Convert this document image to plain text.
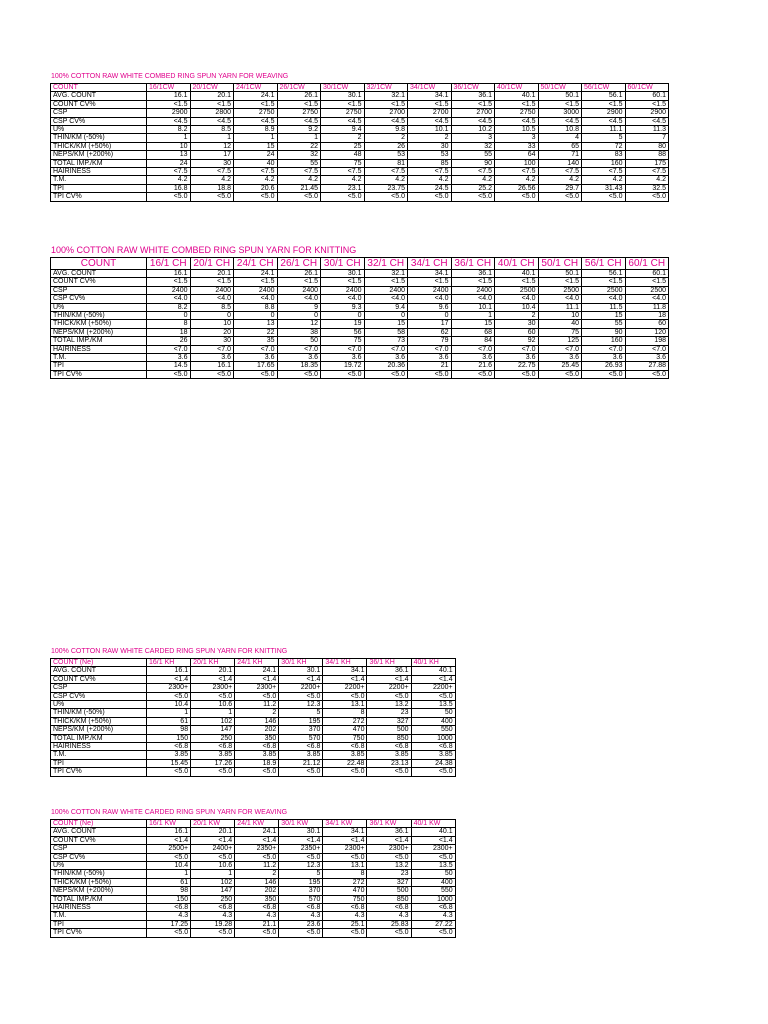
100% COTTON RAW WHITE COMBED RING SPUN YARN FOR WEAVING
COUNT	16/1CW	20/1CW	24/1CW	26/1CW	30/1CW	32/1CW	34/1CW	36/1CW	40/1CW	50/1CW	56/1CW	60/1CW
AVG. COUNT	16.1	20.1	24.1	26.1	30.1	32.1	34.1	36.1	40.1	50.1	56.1	60.1
COUNT CV%	<1.5	<1.5	<1.5	<1.5	<1.5	<1.5	<1.5	<1.5	<1.5	<1.5	<1.5	<1.5
CSP	2900	2800	2750	2750	2750	2700	2700	2700	2750	3000	2900	2900
CSP CV%	<4.5	<4.5	<4.5	<4.5	<4.5	<4.5	<4.5	<4.5	<4.5	<4.5	<4.5	<4.5
U%	8.2	8.5	8.9	9.2	9.4	9.8	10.1	10.2	10.5	10.8	11.1	11.3
THIN/KM (-50%)	1	1	1	1	2	2	2	3	3	4	5	7
THICK/KM (+50%)	10	12	15	22	25	26	30	32	33	65	72	80
NEPS/KM (+200%)	13	17	24	32	48	53	53	55	64	71	83	88
TOTAL IMP./KM	24	30	40	55	75	81	85	90	100	140	160	175
HAIRINESS	<7.5	<7.5	<7.5	<7.5	<7.5	<7.5	<7.5	<7.5	<7.5	<7.5	<7.5	<7.5
T.M.	4.2	4.2	4.2	4.2	4.2	4.2	4.2	4.2	4.2	4.2	4.2	4.2
TPI	16.8	18.8	20.6	21.45	23.1	23.75	24.5	25.2	26.56	29.7	31.43	32.5
TPI CV%	<5.0	<5.0	<5.0	<5.0	<5.0	<5.0	<5.0	<5.0	<5.0	<5.0	<5.0	<5.0
100% COTTON RAW WHITE COMBED RING SPUN YARN FOR KNITTING
COUNT	16/1 CH	20/1 CH	24/1 CH	26/1 CH	30/1 CH	32/1 CH	34/1 CH	36/1 CH	40/1 CH	50/1 CH	56/1 CH	60/1 CH
AVG. COUNT	16.1	20.1	24.1	26.1	30.1	32.1	34.1	36.1	40.1	50.1	56.1	60.1
COUNT CV%	<1.5	<1.5	<1.5	<1.5	<1.5	<1.5	<1.5	<1.5	<1.5	<1.5	<1.5	<1.5
CSP	2400	2400	2400	2400	2400	2400	2400	2400	2500	2500	2500	2500
CSP CV%	<4.0	<4.0	<4.0	<4.0	<4.0	<4.0	<4.0	<4.0	<4.0	<4.0	<4.0	<4.0
U%	8.2	8.5	8.8	9	9.3	9.4	9.6	10.1	10.4	11.1	11.5	11.8
THIN/KM (-50%)	0	0	0	0	0	0	0	1	2	10	15	18
THICK/KM (+50%)	8	10	13	12	19	15	17	15	30	40	55	60
NEPS/KM (+200%)	18	20	22	38	56	58	62	68	60	75	90	120
TOTAL IMP./KM	26	30	35	50	75	73	79	84	92	125	160	198
HAIRINESS	<7.0	<7.0	<7.0	<7.0	<7.0	<7.0	<7.0	<7.0	<7.0	<7.0	<7.0	<7.0
T.M.	3.6	3.6	3.6	3.6	3.6	3.6	3.6	3.6	3.6	3.6	3.6	3.6
TPI	14.5	16.1	17.65	18.35	19.72	20.36	21	21.6	22.75	25.45	26.93	27.88
TPI CV%	<5.0	<5.0	<5.0	<5.0	<5.0	<5.0	<5.0	<5.0	<5.0	<5.0	<5.0	<5.0
100% COTTON RAW WHITE CARDED RING SPUN YARN FOR KNITTING
COUNT (Ne)	16/1 KH	20/1 KH	24/1 KH	30/1 KH	34/1 KH	36/1 KH	40/1 KH
AVG. COUNT	16.1	20.1	24.1	30.1	34.1	36.1	40.1
COUNT CV%	<1.4	<1.4	<1.4	<1.4	<1.4	<1.4	<1.4
CSP	2300+	2300+	2300+	2200+	2200+	2200+	2200+
CSP CV%	<5.0	<5.0	<5.0	<5.0	<5.0	<5.0	<5.0
U%	10.4	10.6	11.2	12.3	13.1	13.2	13.5
THIN/KM (-50%)	1	1	2	5	8	23	50
THICK/KM (+50%)	61	102	146	195	272	327	400
NEPS/KM (+200%)	98	147	202	370	470	500	550
TOTAL IMP./KM	150	250	350	570	750	850	1000
HAIRINESS	<6.8	<6.8	<6.8	<6.8	<6.8	<6.8	<6.8
T.M.	3.85	3.85	3.85	3.85	3.85	3.85	3.85
TPI	15.45	17.26	18.9	21.12	22.48	23.13	24.38
TPI CV%	<5.0	<5.0	<5.0	<5.0	<5.0	<5.0	<5.0
100% COTTON RAW WHITE CARDED RING SPUN YARN FOR WEAVING
COUNT (Ne)	16/1 KW	20/1 KW	24/1 KW	30/1 KW	34/1 KW	36/1 KW	40/1 KW
AVG. COUNT	16.1	20.1	24.1	30.1	34.1	36.1	40.1
COUNT CV%	<1.4	<1.4	<1.4	<1.4	<1.4	<1.4	<1.4
CSP	2500+	2400+	2350+	2350+	2300+	2300+	2300+
CSP CV%	<5.0	<5.0	<5.0	<5.0	<5.0	<5.0	<5.0
U%	10.4	10.6	11.2	12.3	13.1	13.2	13.5
THIN/KM (-50%)	1	1	2	5	8	23	50
THICK/KM (+50%)	61	102	146	195	272	327	400
NEPS/KM (+200%)	98	147	202	370	470	500	550
TOTAL IMP./KM	150	250	350	570	750	850	1000
HAIRINESS	<6.8	<6.8	<6.8	<6.8	<6.8	<6.8	<6.8
T.M.	4.3	4.3	4.3	4.3	4.3	4.3	4.3
TPI	17.25	19.28	21.1	23.6	25.1	25.83	27.22
TPI CV%	<5.0	<5.0	<5.0	<5.0	<5.0	<5.0	<5.0
